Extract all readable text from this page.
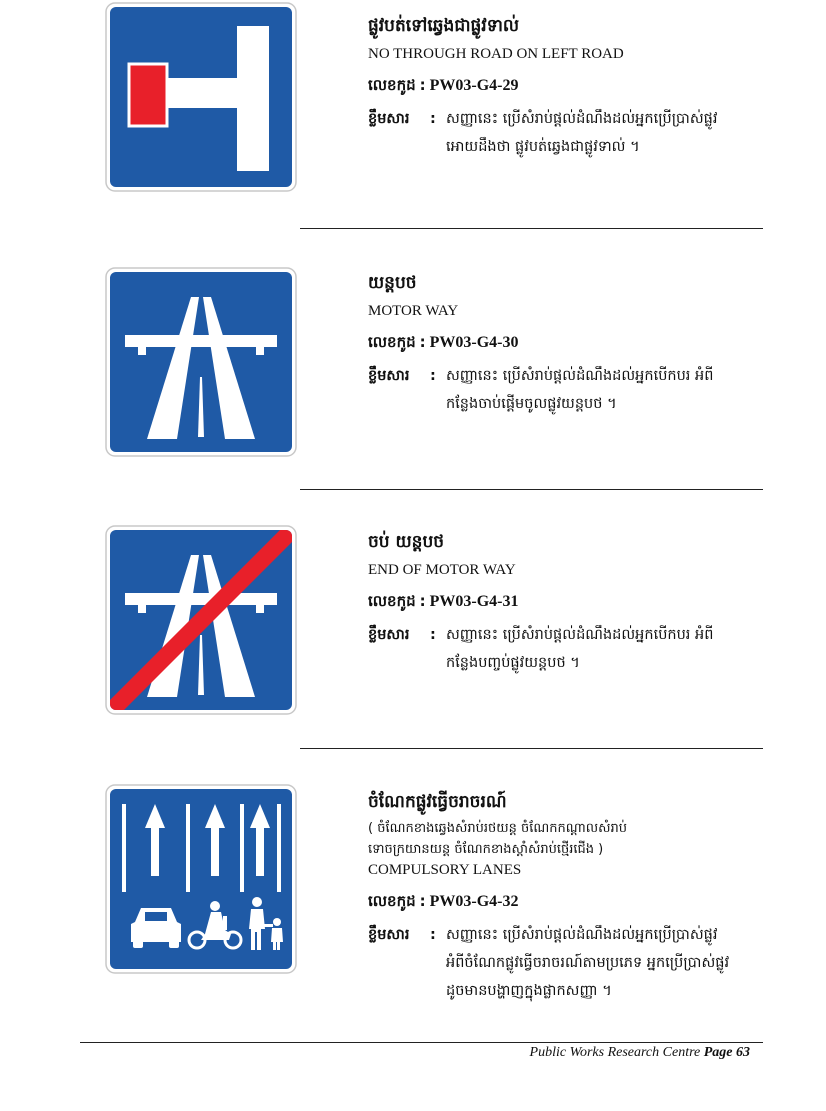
ផ្លូវបត់ទៅឆ្វេងជាផ្លូវទាល់
NO THROUGH ROAD ON LEFT ROAD
លេខកូដ : PW03-G4-29
ខ្លឹមសារ	: សញ្ញានេះ ប្រើសំរាប់ផ្តល់ដំណឹងដល់អ្នកប្រើប្រាស់ផ្លូវ
អោយដឹងថា ផ្លូវបត់ឆ្វេងជាផ្លូវទាល់ ។
យន្តបថ
MOTOR WAY
លេខកូដ : PW03-G4-30
ខ្លឹមសារ	: សញ្ញានេះ ប្រើសំរាប់ផ្តល់ដំណឹងដល់អ្នកបើកបរ អំពី
កន្លែងចាប់ផ្តើមចូលផ្លូវយន្តបថ ។
ចប់ យន្តបថ
END OF MOTOR WAY
លេខកូដ : PW03-G4-31
ខ្លឹមសារ	: សញ្ញានេះ ប្រើសំរាប់ផ្តល់ដំណឹងដល់អ្នកបើកបរ អំពី
កន្លែងបញ្ចប់ផ្លូវយន្តបថ ។
ចំណែកផ្លូវធ្វើចរាចរណ៍
( ចំណែកខាងឆ្វេងសំរាប់រថយន្ត ចំណែកកណ្តាលសំរាប់
ទោចក្រយានយន្ត ចំណែកខាងស្តាំសំរាប់ថ្មើរជើង )
COMPULSORY LANES
លេខកូដ : PW03-G4-32
ខ្លឹមសារ	: សញ្ញានេះ ប្រើសំរាប់ផ្តល់ដំណឹងដល់អ្នកប្រើប្រាស់ផ្លូវ
អំពីចំណែកផ្លូវធ្វើចរាចរណ៍តាមប្រភេទ អ្នកប្រើប្រាស់ផ្លូវ
ដូចមានបង្ហាញក្នុងផ្លាកសញ្ញា ។
Public Works Research Centre Page 63
